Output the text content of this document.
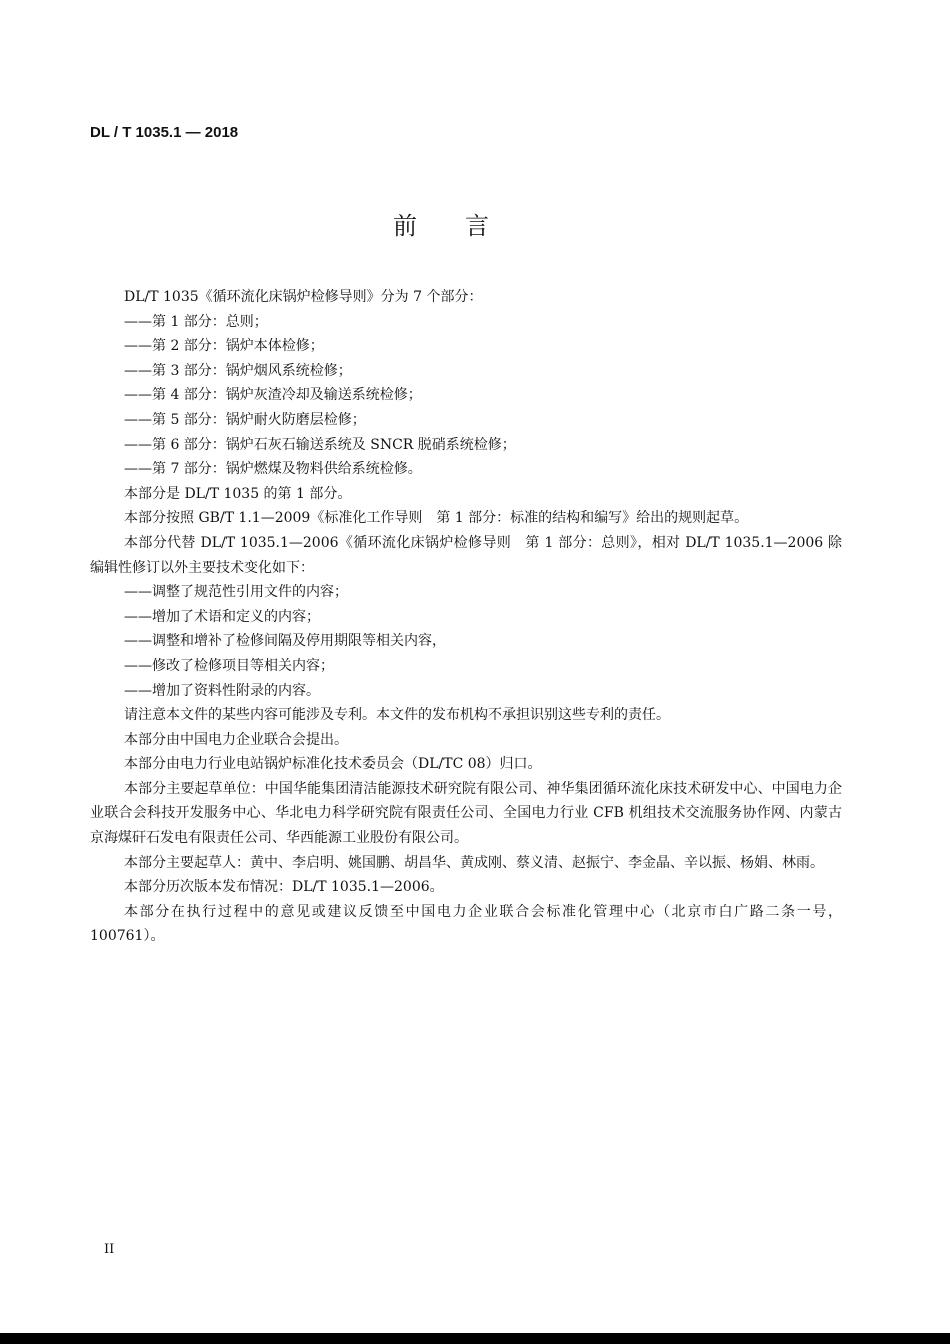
DL / T 1035.1 — 2018
前言

DL/T 1035《循环流化床锅炉检修导则》分为 7 个部分：

——第 1 部分：总则；

——第 2 部分：锅炉本体检修；

——第 3 部分：锅炉烟风系统检修；

——第 4 部分：锅炉灰渣冷却及输送系统检修；

——第 5 部分：锅炉耐火防磨层检修；

——第 6 部分：锅炉石灰石输送系统及 SNCR 脱硝系统检修；

——第 7 部分：锅炉燃煤及物料供给系统检修。

本部分是 DL/T 1035 的第 1 部分。

本部分按照 GB/T 1.1—2009《标准化工作导则　第 1 部分：标准的结构和编写》给出的规则起草。

本部分代替 DL/T 1035.1—2006《循环流化床锅炉检修导则　第 1 部分：总则》，相对 DL/T 1035.1—2006 除编辑性修订以外主要技术变化如下：

——调整了规范性引用文件的内容；

——增加了术语和定义的内容；

——调整和增补了检修间隔及停用期限等相关内容，

——修改了检修项目等相关内容；

——增加了资料性附录的内容。

请注意本文件的某些内容可能涉及专利。本文件的发布机构不承担识别这些专利的责任。

本部分由中国电力企业联合会提出。

本部分由电力行业电站锅炉标准化技术委员会（DL/TC 08）归口。

本部分主要起草单位：中国华能集团清洁能源技术研究院有限公司、神华集团循环流化床技术研发中心、中国电力企业联合会科技开发服务中心、华北电力科学研究院有限责任公司、全国电力行业 CFB 机组技术交流服务协作网、内蒙古京海煤矸石发电有限责任公司、华西能源工业股份有限公司。

本部分主要起草人：黄中、李启明、姚国鹏、胡昌华、黄成刚、蔡义清、赵振宁、李金晶、辛以振、杨娟、林雨。

本部分历次版本发布情况：DL/T 1035.1—2006。

本部分在执行过程中的意见或建议反馈至中国电力企业联合会标准化管理中心（北京市白广路二条一号，100761）。

II
